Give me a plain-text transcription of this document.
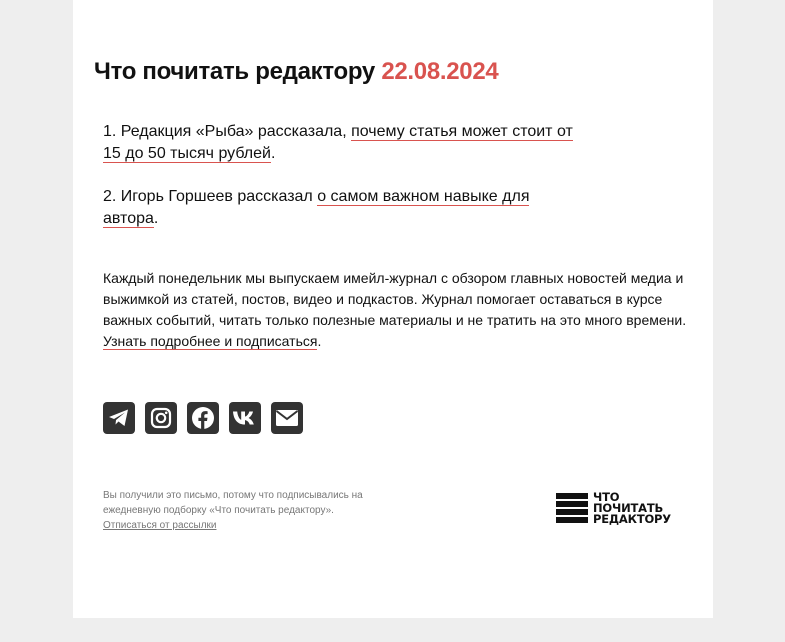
Что почитать редактору 22.08.2024
1. Редакция «Рыба» рассказала, почему статья может стоит от 15 до 50 тысяч рублей.
2. Игорь Горшеев рассказал о самом важном навыке для автора.
Каждый понедельник мы выпускаем имейл-журнал с обзором главных новостей медиа и выжимкой из статей, постов, видео и подкастов. Журнал помогает оставаться в курсе важных событий, читать только полезные материалы и не тратить на это много времени. Узнать подробнее и подписаться.
Вы получили это письмо, потому что подписывались на ежедневную подборку «Что почитать редактору».
Отписаться от рассылки
ЧТО
ПОЧИТАТЬ
РЕДАКТОРУ
